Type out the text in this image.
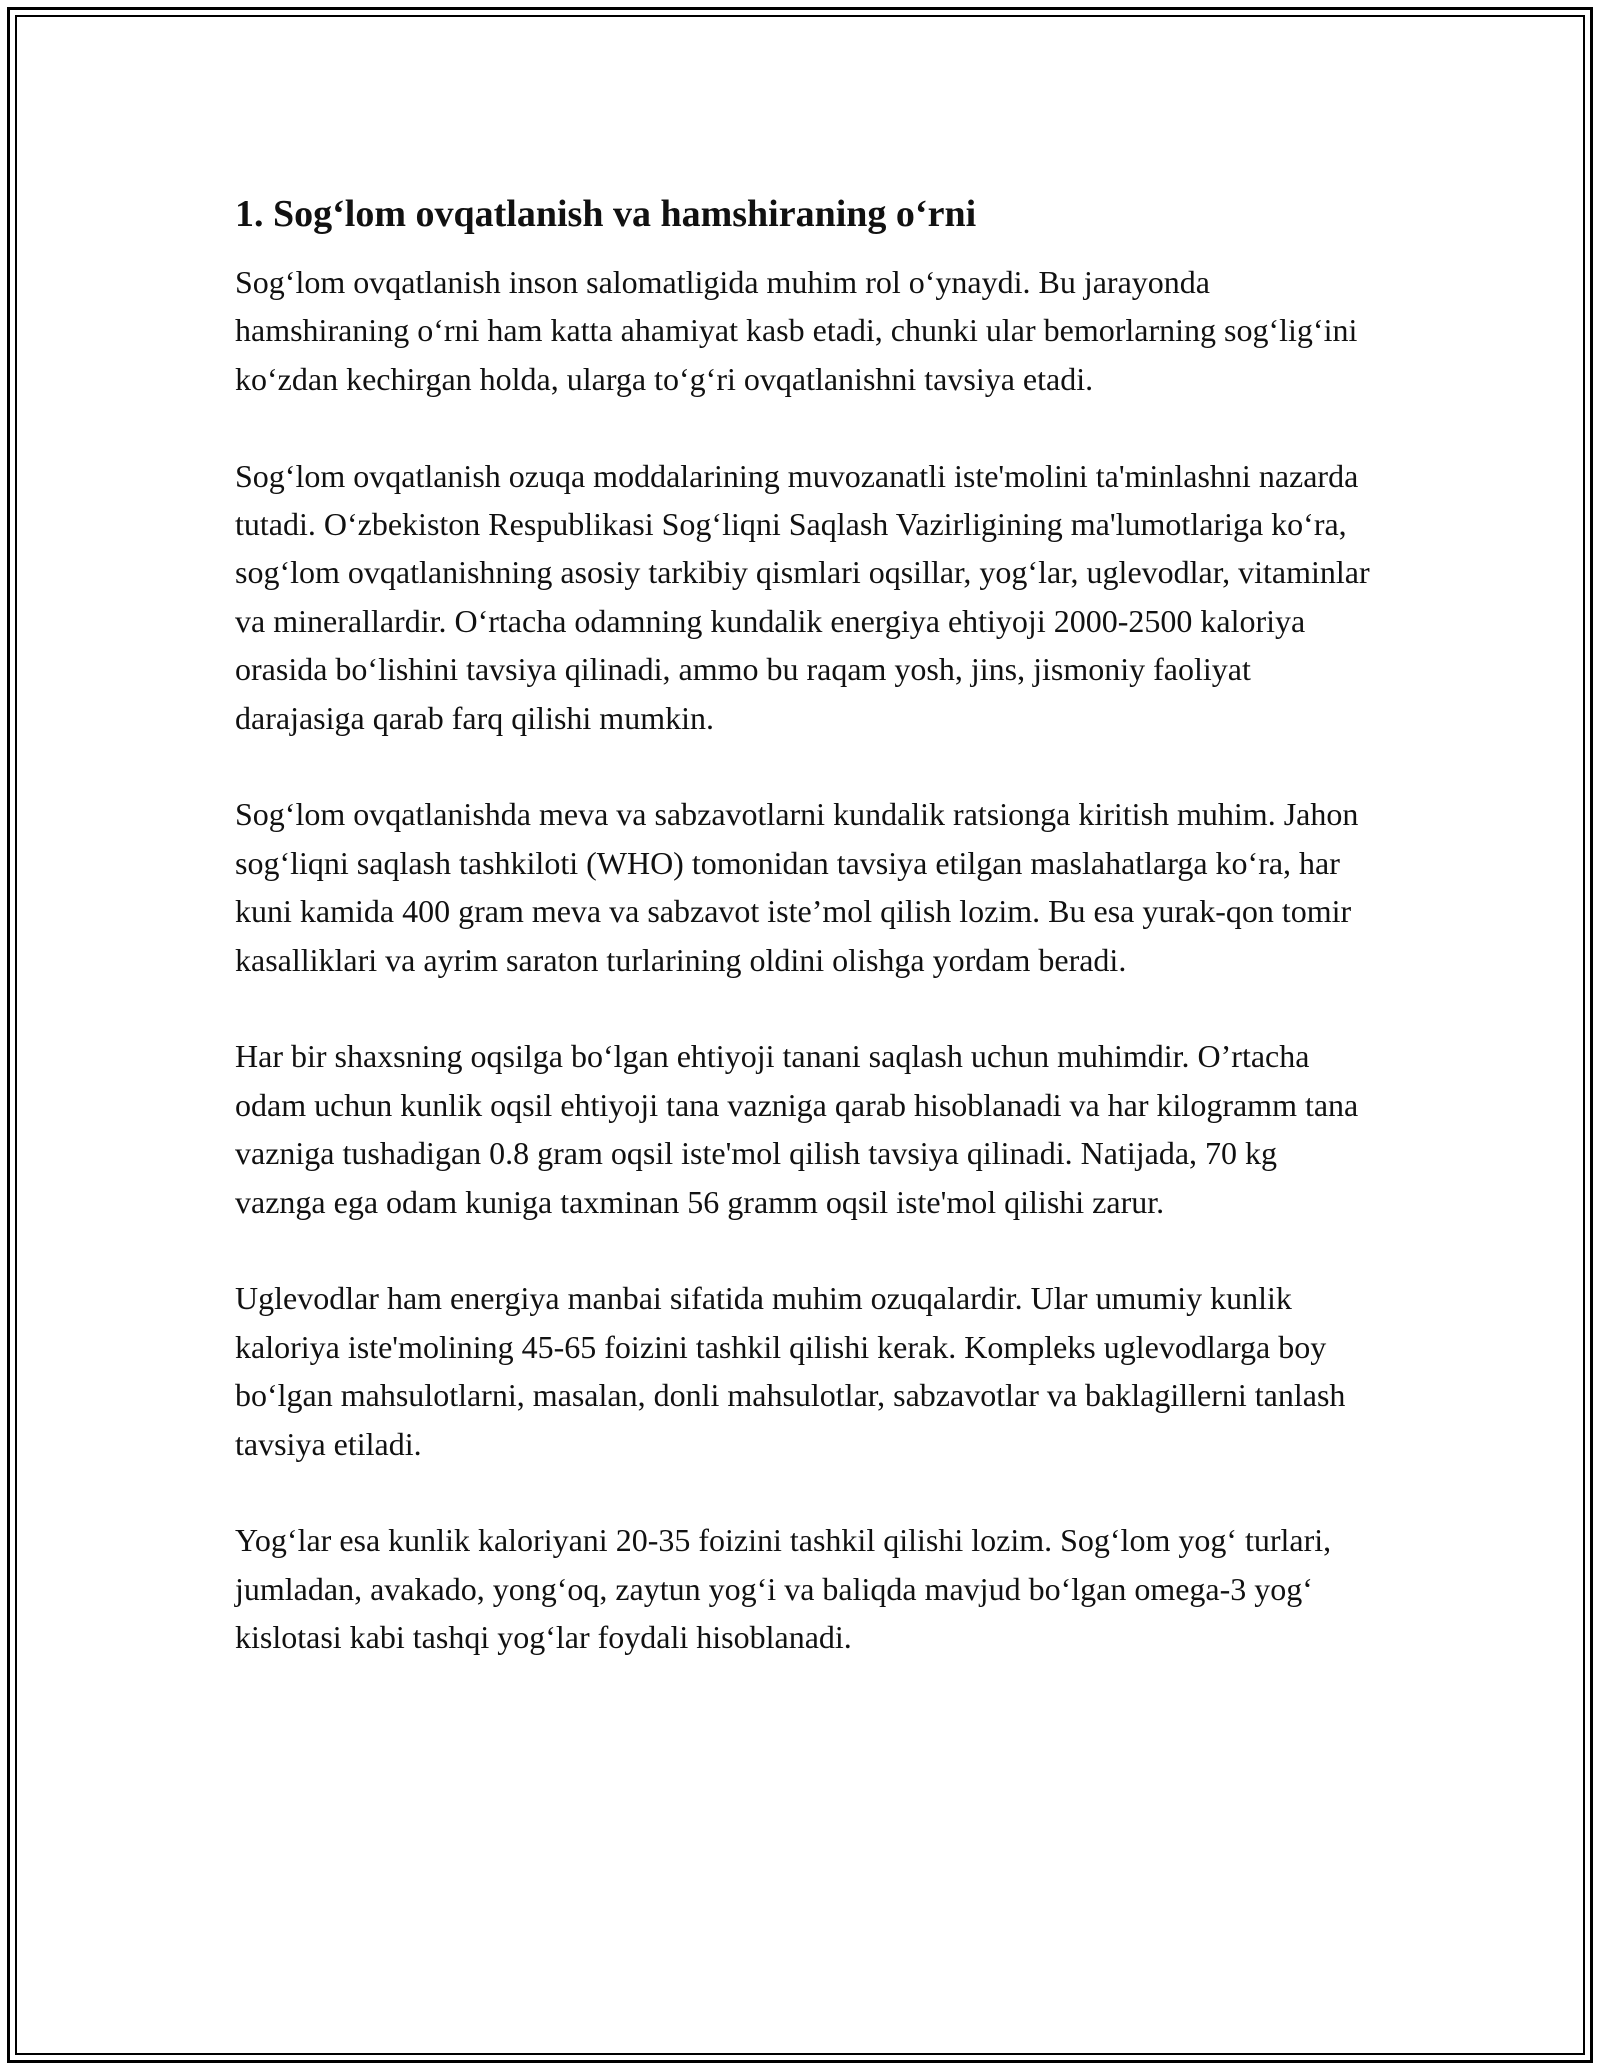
1. Sog‘lom ovqatlanish va hamshiraning o‘rni

Sog‘lom ovqatlanish inson salomatligida muhim rol o‘ynaydi. Bu jarayonda hamshiraning o‘rni ham katta ahamiyat kasb etadi, chunki ular bemorlarning sog‘lig‘ini ko‘zdan kechirgan holda, ularga to‘g‘ri ovqatlanishni tavsiya etadi.

Sog‘lom ovqatlanish ozuqa moddalarining muvozanatli iste'molini ta'minlashni nazarda tutadi. O‘zbekiston Respublikasi Sog‘liqni Saqlash Vazirligining ma'lumotlariga ko‘ra, sog‘lom ovqatlanishning asosiy tarkibiy qismlari oqsillar, yog‘lar, uglevodlar, vitaminlar va minerallardir. O‘rtacha odamning kundalik energiya ehtiyoji 2000-2500 kaloriya orasida bo‘lishini tavsiya qilinadi, ammo bu raqam yosh, jins, jismoniy faoliyat darajasiga qarab farq qilishi mumkin.

Sog‘lom ovqatlanishda meva va sabzavotlarni kundalik ratsionga kiritish muhim. Jahon sog‘liqni saqlash tashkiloti (WHO) tomonidan tavsiya etilgan maslahatlarga ko‘ra, har kuni kamida 400 gram meva va sabzavot iste’mol qilish lozim. Bu esa yurak-qon tomir kasalliklari va ayrim saraton turlarining oldini olishga yordam beradi.

Har bir shaxsning oqsilga bo‘lgan ehtiyoji tanani saqlash uchun muhimdir. O’rtacha odam uchun kunlik oqsil ehtiyoji tana vazniga qarab hisoblanadi va har kilogramm tana vazniga tushadigan 0.8 gram oqsil iste'mol qilish tavsiya qilinadi. Natijada, 70 kg vaznga ega odam kuniga taxminan 56 gramm oqsil iste'mol qilishi zarur.

Uglevodlar ham energiya manbai sifatida muhim ozuqalardir. Ular umumiy kunlik kaloriya iste'molining 45-65 foizini tashkil qilishi kerak. Kompleks uglevodlarga boy bo‘lgan mahsulotlarni, masalan, donli mahsulotlar, sabzavotlar va baklagillerni tanlash tavsiya etiladi.

Yog‘lar esa kunlik kaloriyani 20-35 foizini tashkil qilishi lozim. Sog‘lom yog‘ turlari, jumladan, avakado, yong‘oq, zaytun yog‘i va baliqda mavjud bo‘lgan omega-3 yog‘ kislotasi kabi tashqi yog‘lar foydali hisoblanadi.
